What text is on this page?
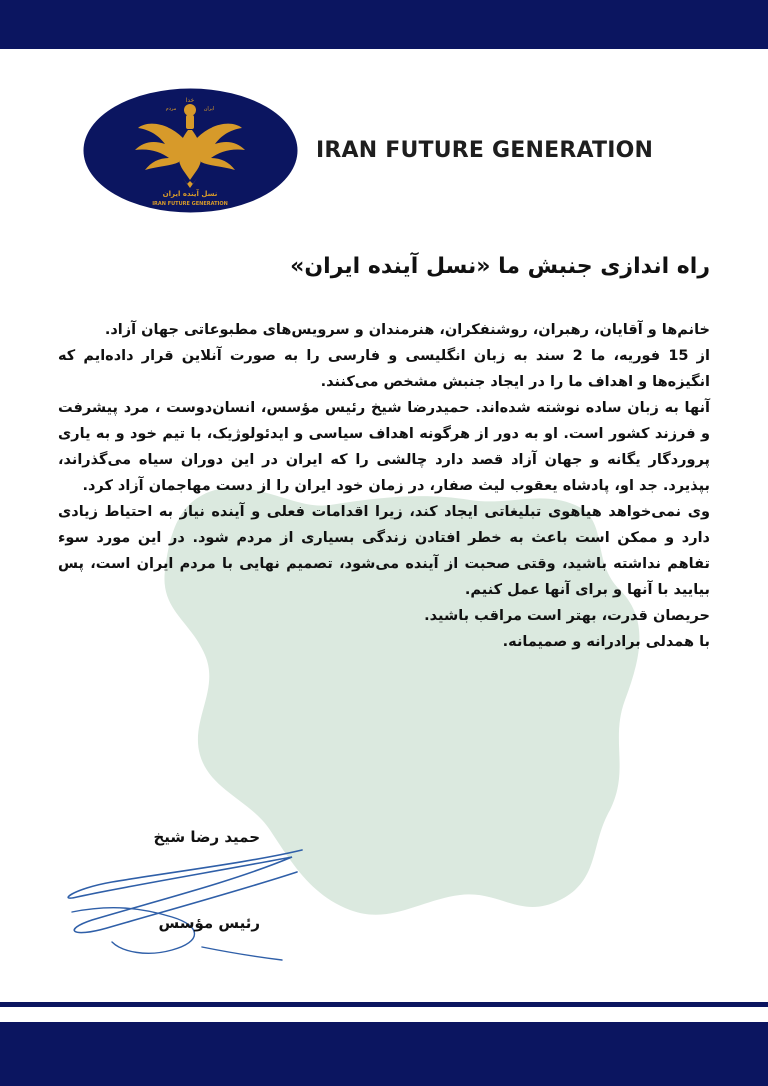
خدا
مردم	ایران
نسل آینده ایران
IRAN FUTURE GENERATION
IRAN FUTURE GENERATION
راه اندازی جنبش ما «نسل آینده ایران»

خانم‌ها و آقایان، رهبران، روشنفکران، هنرمندان و سرویس‌های مطبوعاتی جهان آزاد.

از 15 فوریه، ما 2 سند به زبان انگلیسی و فارسی را به صورت آنلاین قرار داده‌ایم که انگیزه‌ها و اهداف ما را در ایجاد جنبش مشخص می‌کنند.

آنها به زبان ساده نوشته شده‌اند. حمیدرضا شیخ رئیس مؤسس، انسان‌دوست ، مرد پیشرفت و فرزند کشور است. او به دور از هرگونه اهداف سیاسی و ایدئولوژیک، با تیم خود و به یاری پروردگار یگانه و جهان آزاد قصد دارد چالشی را که ایران در این دوران سیاه می‌گذراند، بپذیرد. جد او، پادشاه یعقوب لیث صفار، در زمان خود ایران را از دست مهاجمان آزاد کرد.

وی نمی‌خواهد هیاهوی تبلیغاتی ایجاد کند، زیرا اقدامات فعلی و آینده نیاز به احتیاط زیادی دارد و ممکن است باعث به خطر افتادن زندگی بسیاری از مردم شود. در این مورد سوء تفاهم نداشته باشید، وقتی صحبت از آینده می‌شود، تصمیم نهایی با مردم ایران است، پس بیایید با آنها و برای آنها عمل کنیم.

حریصان قدرت، بهتر است مراقب باشید.

با همدلی برادرانه و صمیمانه.

حمید رضا شیخ
رئیس مؤسس
